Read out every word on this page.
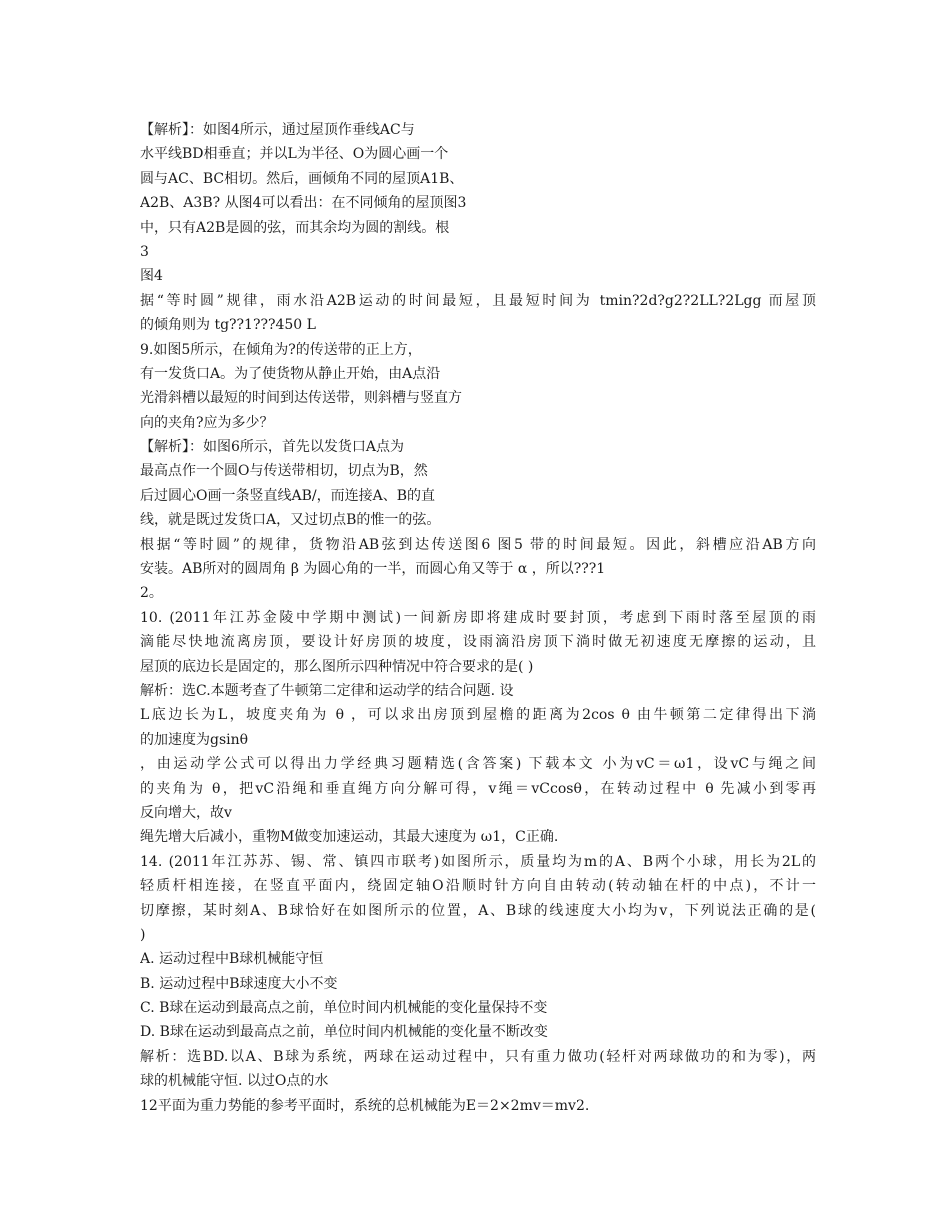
【解析】：如图4所示，通过屋顶作垂线AC与
水平线BD相垂直；并以L为半径、O为圆心画一个
圆与AC、BC相切。然后，画倾角不同的屋顶A1B、
A2B、A3B? 从图4可以看出：在不同倾角的屋顶图3
中，只有A2B是圆的弦，而其余均为圆的割线。根
3
图4
据“等时圆”规律，雨水沿A2B运动的时间最短，且最短时间为 tmin?2d?g2?2LL?2Lgg 而屋顶
的倾角则为 tg??1???450 L
9.如图5所示，在倾角为?的传送带的正上方，
有一发货口A。为了使货物从静止开始，由A点沿
光滑斜槽以最短的时间到达传送带，则斜槽与竖直方
向的夹角?应为多少？
【解析】：如图6所示，首先以发货口A点为
最高点作一个圆O与传送带相切，切点为B，然
后过圆心O画一条竖直线AB/，而连接A、B的直
线，就是既过发货口A，又过切点B的惟一的弦。
根据“等时圆”的规律，货物沿AB弦到达传送图6 图5 带的时间最短。因此，斜槽应沿AB方向
安装。AB所对的圆周角 β 为圆心角的一半，而圆心角又等于 α ，所以???1
2。
10. (2011年江苏金陵中学期中测试)一间新房即将建成时要封顶，考虑到下雨时落至屋顶的雨
滴能尽快地流离房顶，要设计好房顶的坡度，设雨滴沿房顶下淌时做无初速度无摩擦的运动，且
屋顶的底边长是固定的，那么图所示四种情况中符合要求的是( )
解析：选C.本题考查了牛顿第二定律和运动学的结合问题. 设
L底边长为L，坡度夹角为 θ ，可以求出房顶到屋檐的距离为2cos θ 由牛顿第二定律得出下淌
的加速度为gsinθ
，由运动学公式可以得出力学经典习题精选(含答案) 下载本文 小为vC＝ω1，设vC与绳之间
的夹角为 θ，把vC沿绳和垂直绳方向分解可得，v绳＝vCcosθ，在转动过程中 θ 先减小到零再
反向增大，故v
绳先增大后减小，重物M做变加速运动，其最大速度为 ω1，C正确.
14. (2011年江苏苏、锡、常、镇四市联考)如图所示，质量均为m的A、B两个小球，用长为2L的
轻质杆相连接，在竖直平面内，绕固定轴O沿顺时针方向自由转动(转动轴在杆的中点)，不计一
切摩擦，某时刻A、B球恰好在如图所示的位置，A、B球的线速度大小均为v，下列说法正确的是(
)
A. 运动过程中B球机械能守恒
B. 运动过程中B球速度大小不变
C. B球在运动到最高点之前，单位时间内机械能的变化量保持不变
D. B球在运动到最高点之前，单位时间内机械能的变化量不断改变
解析：选BD.以A、B球为系统，两球在运动过程中，只有重力做功(轻杆对两球做功的和为零)，两
球的机械能守恒. 以过O点的水
12平面为重力势能的参考平面时，系统的总机械能为E＝2×2mv＝mv2.
